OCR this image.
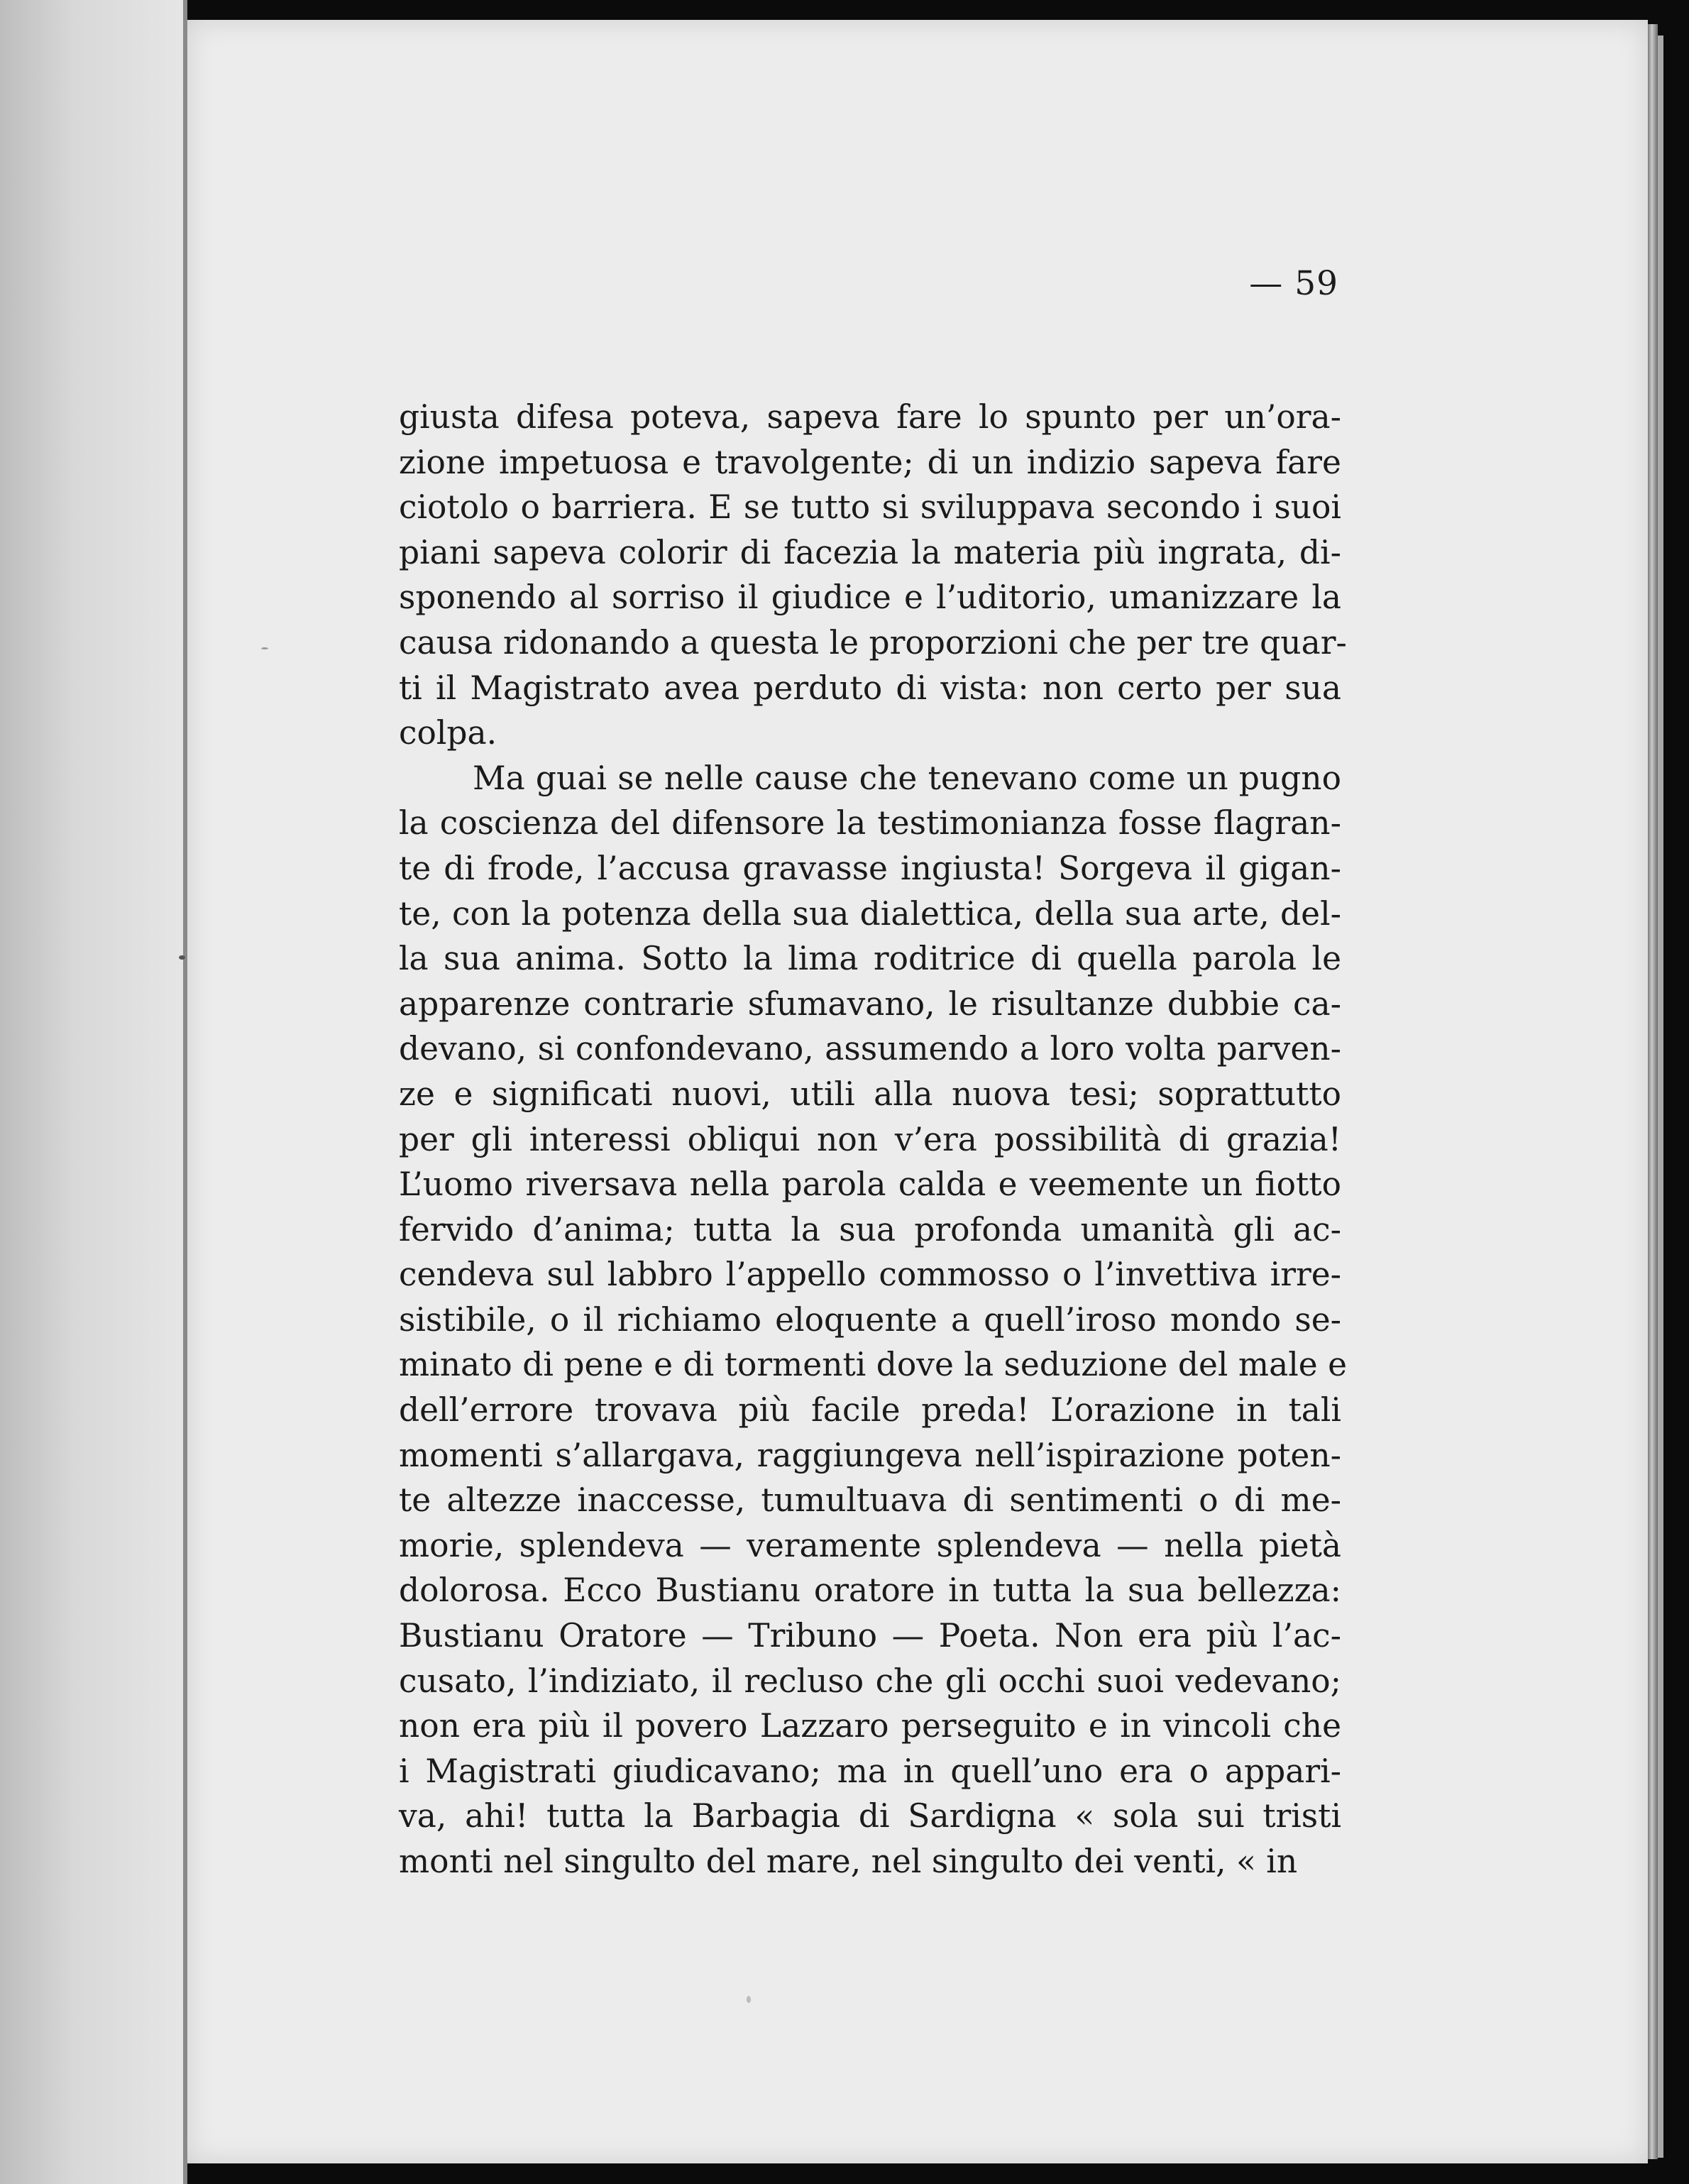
— 59
giusta difesa poteva, sapeva fare lo spunto per un’ora-
zione impetuosa e travolgente; di un indizio sapeva fare
ciotolo o barriera. E se tutto si sviluppava secondo i suoi
piani sapeva colorir di facezia la materia più ingrata, di-
sponendo al sorriso il giudice e l’uditorio, umanizzare la
causa ridonando a questa le proporzioni che per tre quar-
ti il Magistrato avea perduto di vista: non certo per sua
colpa.
Ma guai se nelle cause che tenevano come un pugno
la coscienza del difensore la testimonianza fosse flagran-
te di frode, l’accusa gravasse ingiusta! Sorgeva il gigan-
te, con la potenza della sua dialettica, della sua arte, del-
la sua anima. Sotto la lima roditrice di quella parola le
apparenze contrarie sfumavano, le risultanze dubbie ca-
devano, si confondevano, assumendo a loro volta parven-
ze e significati nuovi, utili alla nuova tesi; soprattutto
per gli interessi obliqui non v’era possibilità di grazia!
L’uomo riversava nella parola calda e veemente un fiotto
fervido d’anima; tutta la sua profonda umanità gli ac-
cendeva sul labbro l’appello commosso o l’invettiva irre-
sistibile, o il richiamo eloquente a quell’iroso mondo se-
minato di pene e di tormenti dove la seduzione del male e
dell’errore trovava più facile preda! L’orazione in tali
momenti s’allargava, raggiungeva nell’ispirazione poten-
te altezze inaccesse, tumultuava di sentimenti o di me-
morie, splendeva — veramente splendeva — nella pietà
dolorosa. Ecco Bustianu oratore in tutta la sua bellezza:
Bustianu Oratore — Tribuno — Poeta. Non era più l’ac-
cusato, l’indiziato, il recluso che gli occhi suoi vedevano;
non era più il povero Lazzaro perseguito e in vincoli che
i Magistrati giudicavano; ma in quell’uno era o appari-
va, ahi! tutta la Barbagia di Sardigna « sola sui tristi
monti nel singulto del mare, nel singulto dei venti, « in
